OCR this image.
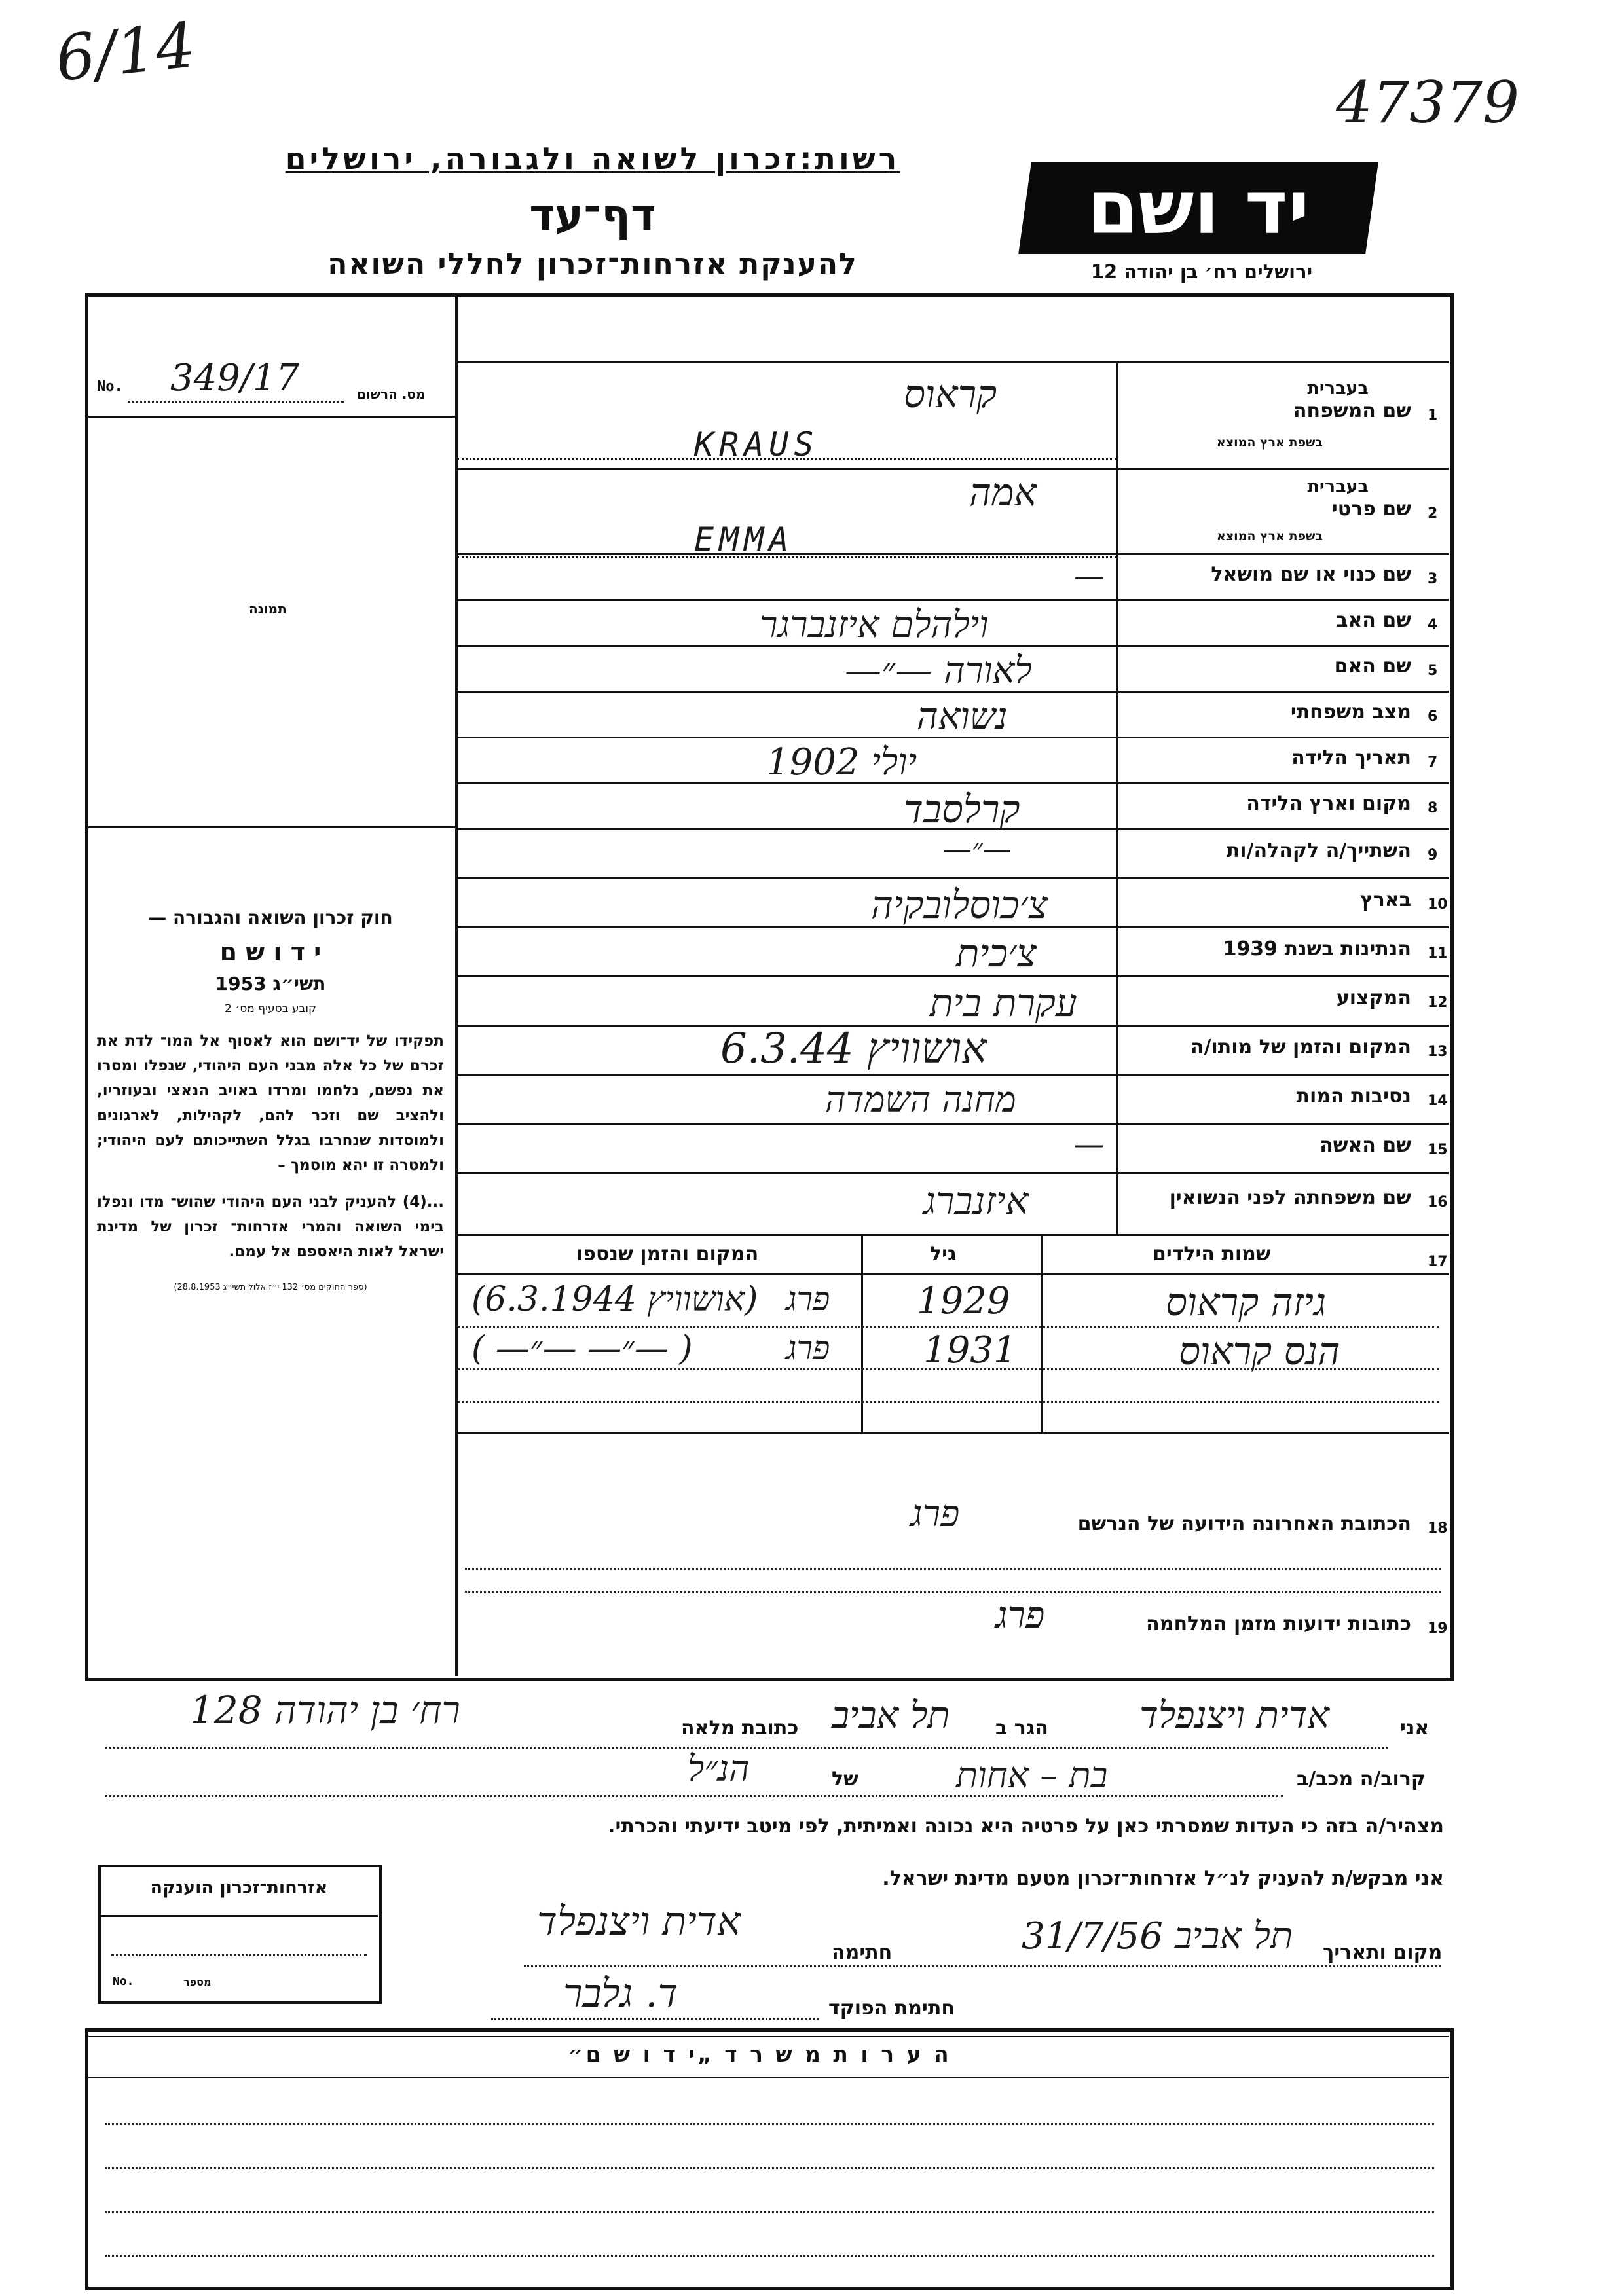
6/14
47379
רשות:זכרון לשואה ולגבורה, ירושלים
דף־עד
להענקת אזרחות־זכרון לחללי השואה
יד ושם
ירושלים רח׳ בן יהודה 12
No. 349/17	מס. הרשום
תמונה

חוק זכרון השואה והגבורה —

י ד ו ש ם

תשי״ג 1953

קובע בסעיף מס׳ 2

תפקידו של יד־ושם הוא לאסוף אל המו־ לדת את זכרם של כל אלה מבני העם היהודי, שנפלו ומסרו את נפשם, נלחמו ומרדו באויב הנאצי ובעוזריו, ולהציב שם וזכר להם, לקהילות, לארגונים ולמוסדות שנחרבו בגלל השתייכותם לעם היהודי; ולמטרה זו יהא מוסמך –

...(4) להעניק לבני העם היהודי שהוש־ מדו ונפלו בימי השואה והמרי אזרחות־ זכרון של מדינת ישראל לאות היאספם אל עמם.

(ספר החוקים מס׳ 132 י״ז אלול תשי״ג 28.8.1953)

1
שם המשפחה
בעברית
בשפת ארץ המוצא
קראוס
KRAUS
2
שם פרטי
בעברית
בשפת ארץ המוצא
אמה
EMMA
3
שם כנוי או שם מושאל
—
4
שם האב
וילהלם איזנברגר
5
שם האם
לאורה —״—
6
מצב משפחתי
נשואה
7
תאריך הלידה
יולי 1902
8
מקום וארץ הלידה
קרלסבד
9
השתייך/ה לקהלה/ות
—״—
10
בארץ
צ׳כוסלובקיה
11
הנתינות בשנת 1939
צ׳כית
12
המקצוע
עקרת בית
13
המקום והזמן של מותו/ה
אושוויץ 6.3.44
14
נסיבות המות
מחנה השמדה
15
שם האשה
—
16
שם משפחתה לפני הנשואין
איזנברג
17
שמות הילדים
גיל
המקום והזמן שנספו
גיזה קראוס
1929
פרג
(6.3.1944 אושוויץ)
הנס קראוס
1931
פרג
( —״— —״— )
18
הכתובת האחרונה הידועה של הנרשם
פרג
19
כתובות ידועות מזמן המלחמה
פרג
אני
אדית ויצנפלד
הגר ב
תל אביב
כתובת מלאה
רח׳ בן יהודה 128
קרוב/ה מכב/ב
בת – אחות
של
הנ״ל
מצהיר/ה בזה כי העדות שמסרתי כאן על פרטיה היא נכונה ואמיתית, לפי מיטב ידיעתי והכרתי.
אני מבקש/ת להעניק לנ״ל אזרחות־זכרון מטעם מדינת ישראל.
מקום ותאריך
תל אביב 31/7/56
חתימה
אדית ויצנפלד
חתימת הפוקד
ד. גלבר
אזרחות־זכרון הוענקה
No.	מספר
ה ע ר ו ת מ ש ר ד „י ד ו ש ם״
